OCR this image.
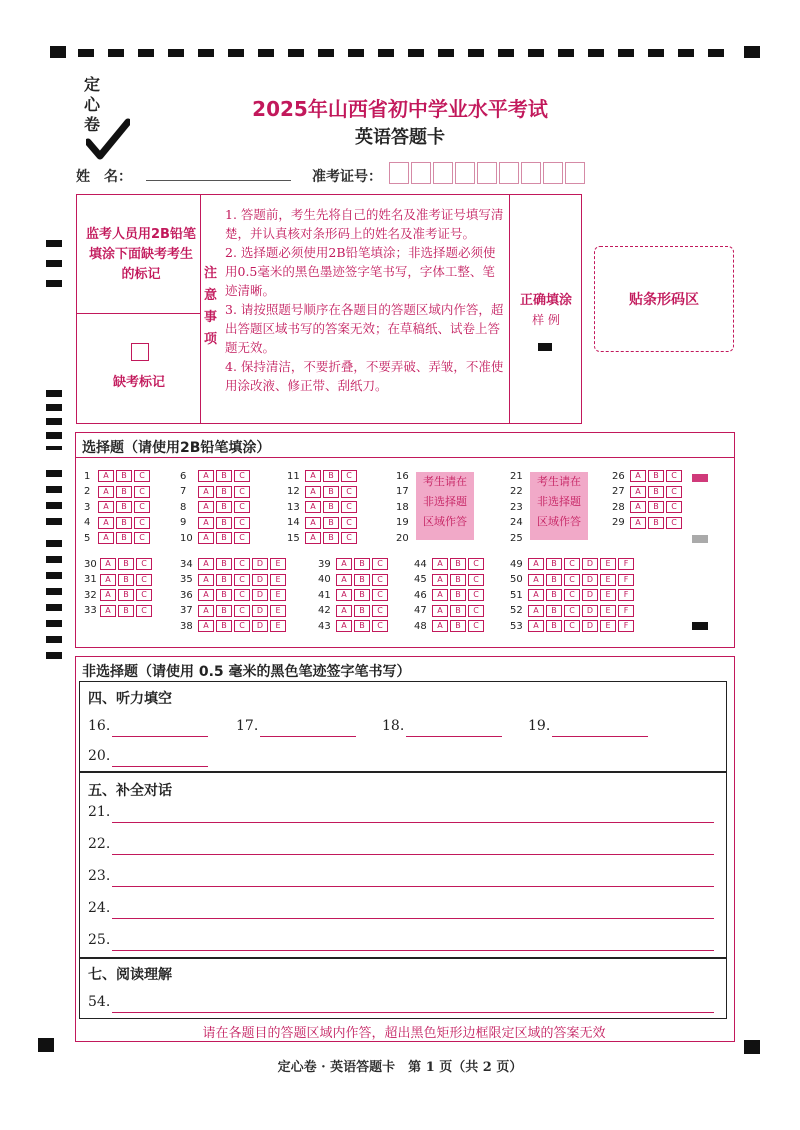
定心卷
2025年山西省初中学业水平考试
英语答题卡
姓　名：	准考证号：
监考人员用2B铅笔填涂下面缺考考生的标记
缺考标记
注意事项
1. 答题前，考生先将自己的姓名及准考证号填写清楚，并认真核对条形码上的姓名及准考证号。
2. 选择题必须使用2B铅笔填涂；非选择题必须使用0.5毫米的黑色墨迹签字笔书写，字体工整、笔迹清晰。
3. 请按照题号顺序在各题目的答题区域内作答，超出答题区域书写的答案无效；在草稿纸、试卷上答题无效。
4. 保持清洁，不要折叠，不要弄破、弄皱，不准使用涂改液、修正带、刮纸刀。
正确填涂
样 例
贴条形码区
选择题（请使用2B铅笔填涂）
考生请在
非选择题
区域作答
考生请在
非选择题
区域作答
非选择题（请使用 0.5 毫米的黑色笔迹签字笔书写）
四、听力填空
五、补全对话
七、阅读理解
16.	17.	18.	19.
20.
21.
22.
23.
24.
25.
54.
请在各题目的答题区域内作答，超出黑色矩形边框限定区域的答案无效
定心卷 · 英语答题卡　第 1 页（共 2 页）
1	A	B	C
2	A	B	C
3	A	B	C
4	A	B	C
5	A	B	C
6	A	B	C
7	A	B	C
8	A	B	C
9	A	B	C
10	A	B	C
11	A	B	C
12	A	B	C
13	A	B	C
14	A	B	C
15	A	B	C
16
17
18
19
20
21
22
23
24
25
26	A	B	C
27	A	B	C
28	A	B	C
29	A	B	C
30	A	B	C
31	A	B	C
32	A	B	C
33	A	B	C
34	A	B	C	D	E
35	A	B	C	D	E
36	A	B	C	D	E
37	A	B	C	D	E
38	A	B	C	D	E
39	A	B	C
40	A	B	C
41	A	B	C
42	A	B	C
43	A	B	C
44	A	B	C
45	A	B	C
46	A	B	C
47	A	B	C
48	A	B	C
49	A	B	C	D	E	F
50	A	B	C	D	E	F
51	A	B	C	D	E	F
52	A	B	C	D	E	F
53	A	B	C	D	E	F
